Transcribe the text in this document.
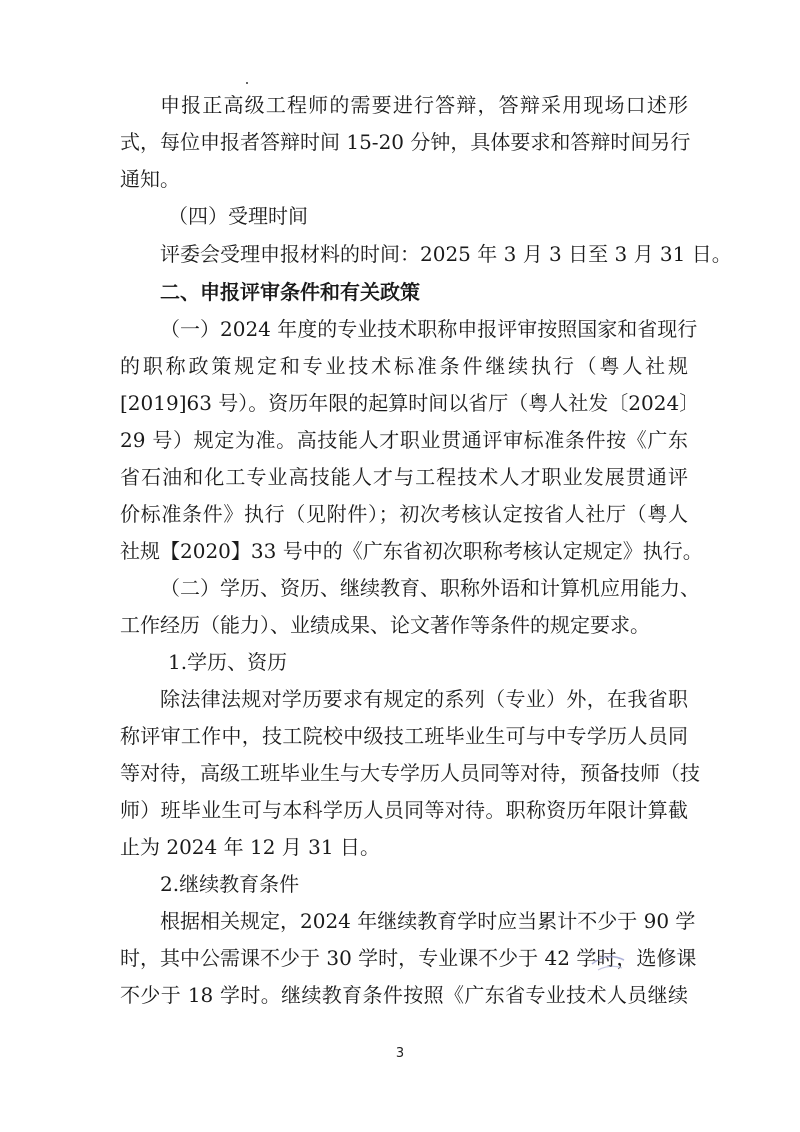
申报正高级工程师的需要进行答辩，答辩采用现场口述形
式，每位申报者答辩时间 15-20 分钟，具体要求和答辩时间另行
通知。
（四）受理时间
评委会受理申报材料的时间：2025 年 3 月 3 日至 3 月 31 日。
二、申报评审条件和有关政策
（一）2024 年度的专业技术职称申报评审按照国家和省现行
的职称政策规定和专业技术标准条件继续执行（粤人社规
[2019]63 号）。资历年限的起算时间以省厅（粤人社发〔2024〕
29 号）规定为准。高技能人才职业贯通评审标准条件按《广东
省石油和化工专业高技能人才与工程技术人才职业发展贯通评
价标准条件》执行（见附件）；初次考核认定按省人社厅（粤人
社规【2020】33 号中的《广东省初次职称考核认定规定》执行。
（二）学历、资历、继续教育、职称外语和计算机应用能力、
工作经历（能力）、业绩成果、论文著作等条件的规定要求。
1.学历、资历
除法律法规对学历要求有规定的系列（专业）外，在我省职
称评审工作中，技工院校中级技工班毕业生可与中专学历人员同
等对待，高级工班毕业生与大专学历人员同等对待，预备技师（技
师）班毕业生可与本科学历人员同等对待。职称资历年限计算截
止为 2024 年 12 月 31 日。
2.继续教育条件
根据相关规定，2024 年继续教育学时应当累计不少于 90 学
时，其中公需课不少于 30 学时，专业课不少于 42 学时，选修课
不少于 18 学时。继续教育条件按照《广东省专业技术人员继续
3
